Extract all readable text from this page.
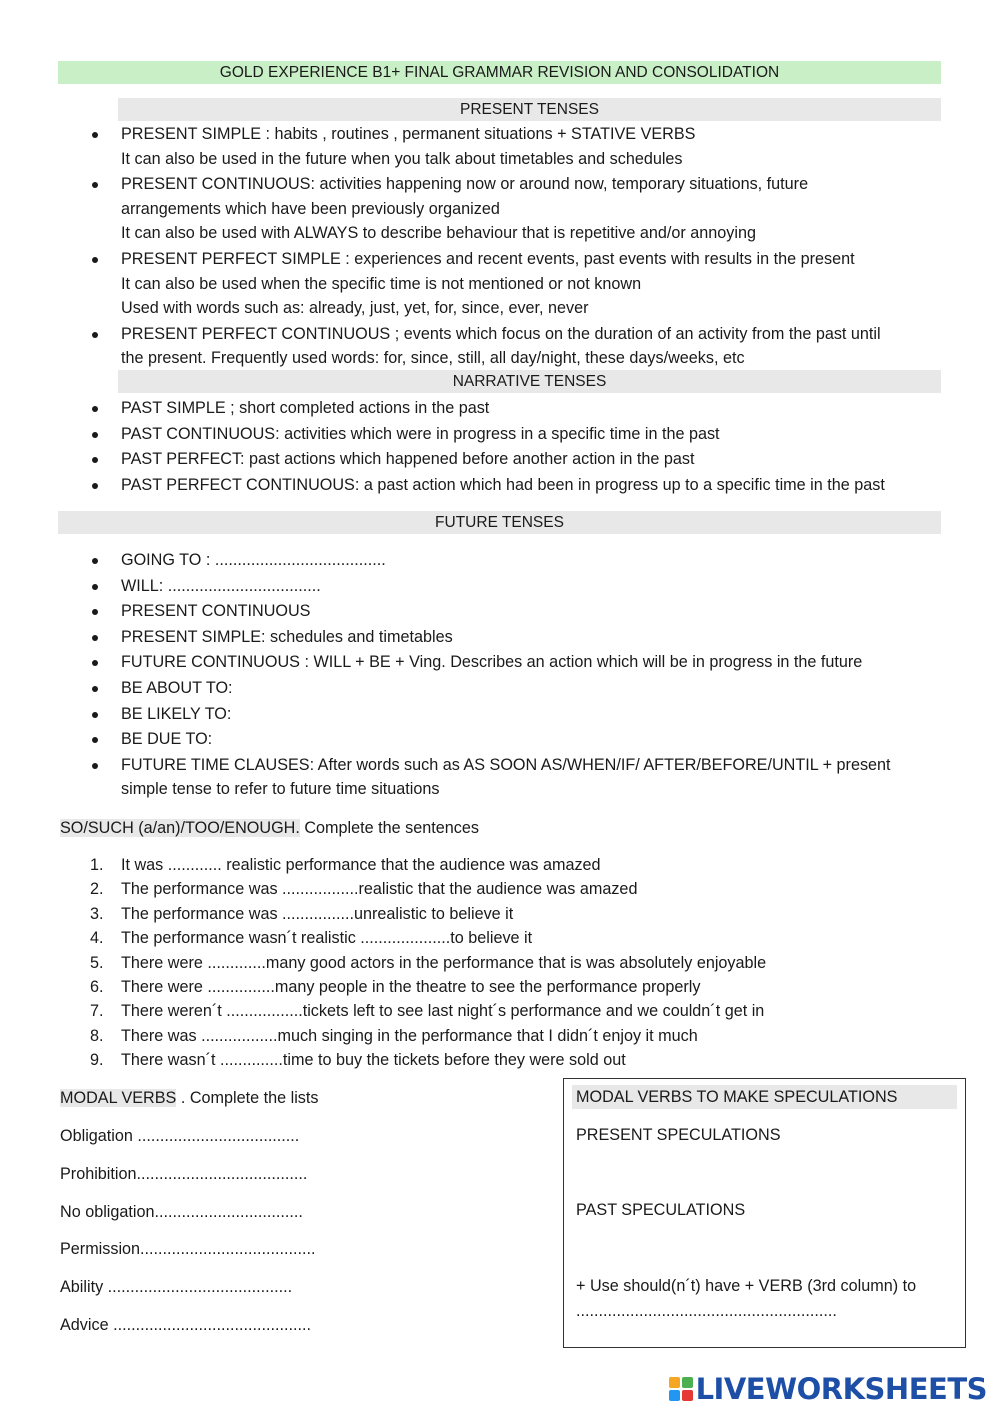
GOLD EXPERIENCE B1+ FINAL GRAMMAR REVISION AND CONSOLIDATION
PRESENT TENSES
PRESENT SIMPLE : habits , routines , permanent situations + STATIVE VERBS
It can also be used in the future when you talk about timetables and schedules
PRESENT CONTINUOUS: activities happening now or around now, temporary situations, future
arrangements which have been previously organized
It can also be used with ALWAYS to describe behaviour that is repetitive and/or annoying
PRESENT PERFECT SIMPLE : experiences and recent events, past events with results in the present
It can also be used when the specific time is not mentioned or not known
Used with words such as: already, just, yet, for, since, ever, never
PRESENT PERFECT CONTINUOUS ; events which focus on the duration of an activity from the past until
the present. Frequently used words: for, since, still, all day/night, these days/weeks, etc
NARRATIVE TENSES
PAST SIMPLE ; short completed actions in the past
PAST CONTINUOUS: activities which were in progress in a specific time in the past
PAST PERFECT: past actions which happened before another action in the past
PAST PERFECT CONTINUOUS: a past action which had been in progress up to a specific time in the past
FUTURE TENSES
GOING TO : ......................................
WILL: ..................................
PRESENT CONTINUOUS
PRESENT SIMPLE: schedules and timetables
FUTURE CONTINUOUS : WILL + BE + Ving. Describes an action which will be in progress in the future
BE ABOUT TO:
BE LIKELY TO:
BE DUE TO:
FUTURE TIME CLAUSES: After words such as AS SOON AS/WHEN/IF/ AFTER/BEFORE/UNTIL + present
simple tense to refer to future time situations
SO/SUCH (a/an)/TOO/ENOUGH. Complete the sentences
1. It was ............ realistic performance that the audience was amazed
2. The performance was .................realistic that the audience was amazed
3. The performance was ................unrealistic to believe it
4. The performance wasn´t realistic ....................to believe it
5. There were .............many good actors in the performance that is was absolutely enjoyable
6. There were ...............many people in the theatre to see the performance properly
7. There weren´t .................tickets left to see last night´s performance and we couldn´t get in
8. There was .................much singing in the performance that I didn´t enjoy it much
9. There wasn´t ..............time to buy the tickets before they were sold out
MODAL VERBS . Complete the lists
Obligation ....................................
Prohibition......................................
No obligation.................................
Permission.......................................
Ability .........................................
Advice ............................................
MODAL VERBS TO MAKE SPECULATIONS
PRESENT SPECULATIONS
PAST SPECULATIONS
+ Use should(n´t) have + VERB (3rd column) to
..........................................................
LIVEWORKSHEETS
